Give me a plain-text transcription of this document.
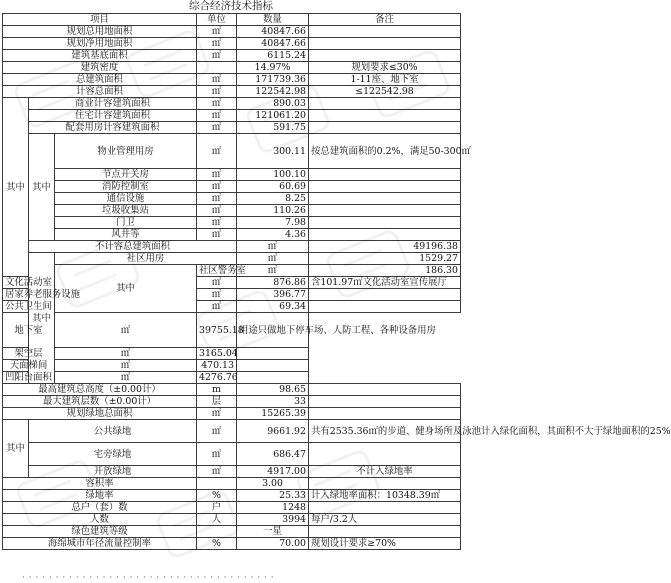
综合经济技术指标
项目			单位	数量	备注	
规划总用地面积			㎡	40847.66		
规划净用地面积			㎡	40847.66		
建筑基底面积			㎡	6115.24		
建筑密度				14.97%	规划要求≤30%	
总建筑面积			㎡	171739.36	1-11座、地下室	
计容总面积			㎡	122542.98	≤122542.98	
其中	商业计容建筑面积		㎡	890.03		
	住宅计容建筑面积		㎡	121061.20		
	配套用房计容建筑面积		㎡	591.75		
	其中	物业管理用房	㎡	300.11	按总建筑面积的0.2%，满足50-300㎡	
		节点开关房	㎡	100.10		
		消防控制室	㎡	60.69		
		通信设施	㎡	8.25		
		垃圾收集站	㎡	110.26		
		门卫	㎡	7.98		
		风井等	㎡	4.36		
	不计容总建筑面积			㎡	49196.38	
	其中	社区用房		㎡	1529.27	
		其中	社区警务室	㎡	186.30	
文化活动室			㎡	876.86	含101.97㎡文化活动室宣传展厅	
居家养老服务设施			㎡	396.77		
公共卫生间			㎡	69.34		
地下室		㎡	39755.18	用途只做地下停车场、人防工程、各种设备用房		
架空层		㎡	3165.04			
天面梯间		㎡	470.13			
凹阳台面积		㎡	4276.76			
最高建筑总高度（±0.00计）			m	98.65		
最大建筑层数（±0.00计）			层	33		
规划绿地总面积			㎡	15265.39		
其中	公共绿地		㎡	9661.92	共有2535.36㎡的步道、健身场所及泳池计入绿化面积，其面积不大于绿地面积的25%	
	宅旁绿地		㎡	686.47		
	开放绿地		㎡	4917.00	不计入绿地率	
容积率				3.00		
绿地率			%	25.33	计入绿地率面积：10348.39㎡	
总户（套）数			户	1248		
人数			人	3994	每户/3.2人	
绿色建筑等级				一星		
海绵城市年径流量控制率			%	70.00	规划设计要求≥70%	
· · · · · · · · · · · · · · · · · · · · · · · · · · · · · · · · · · · · · ·
